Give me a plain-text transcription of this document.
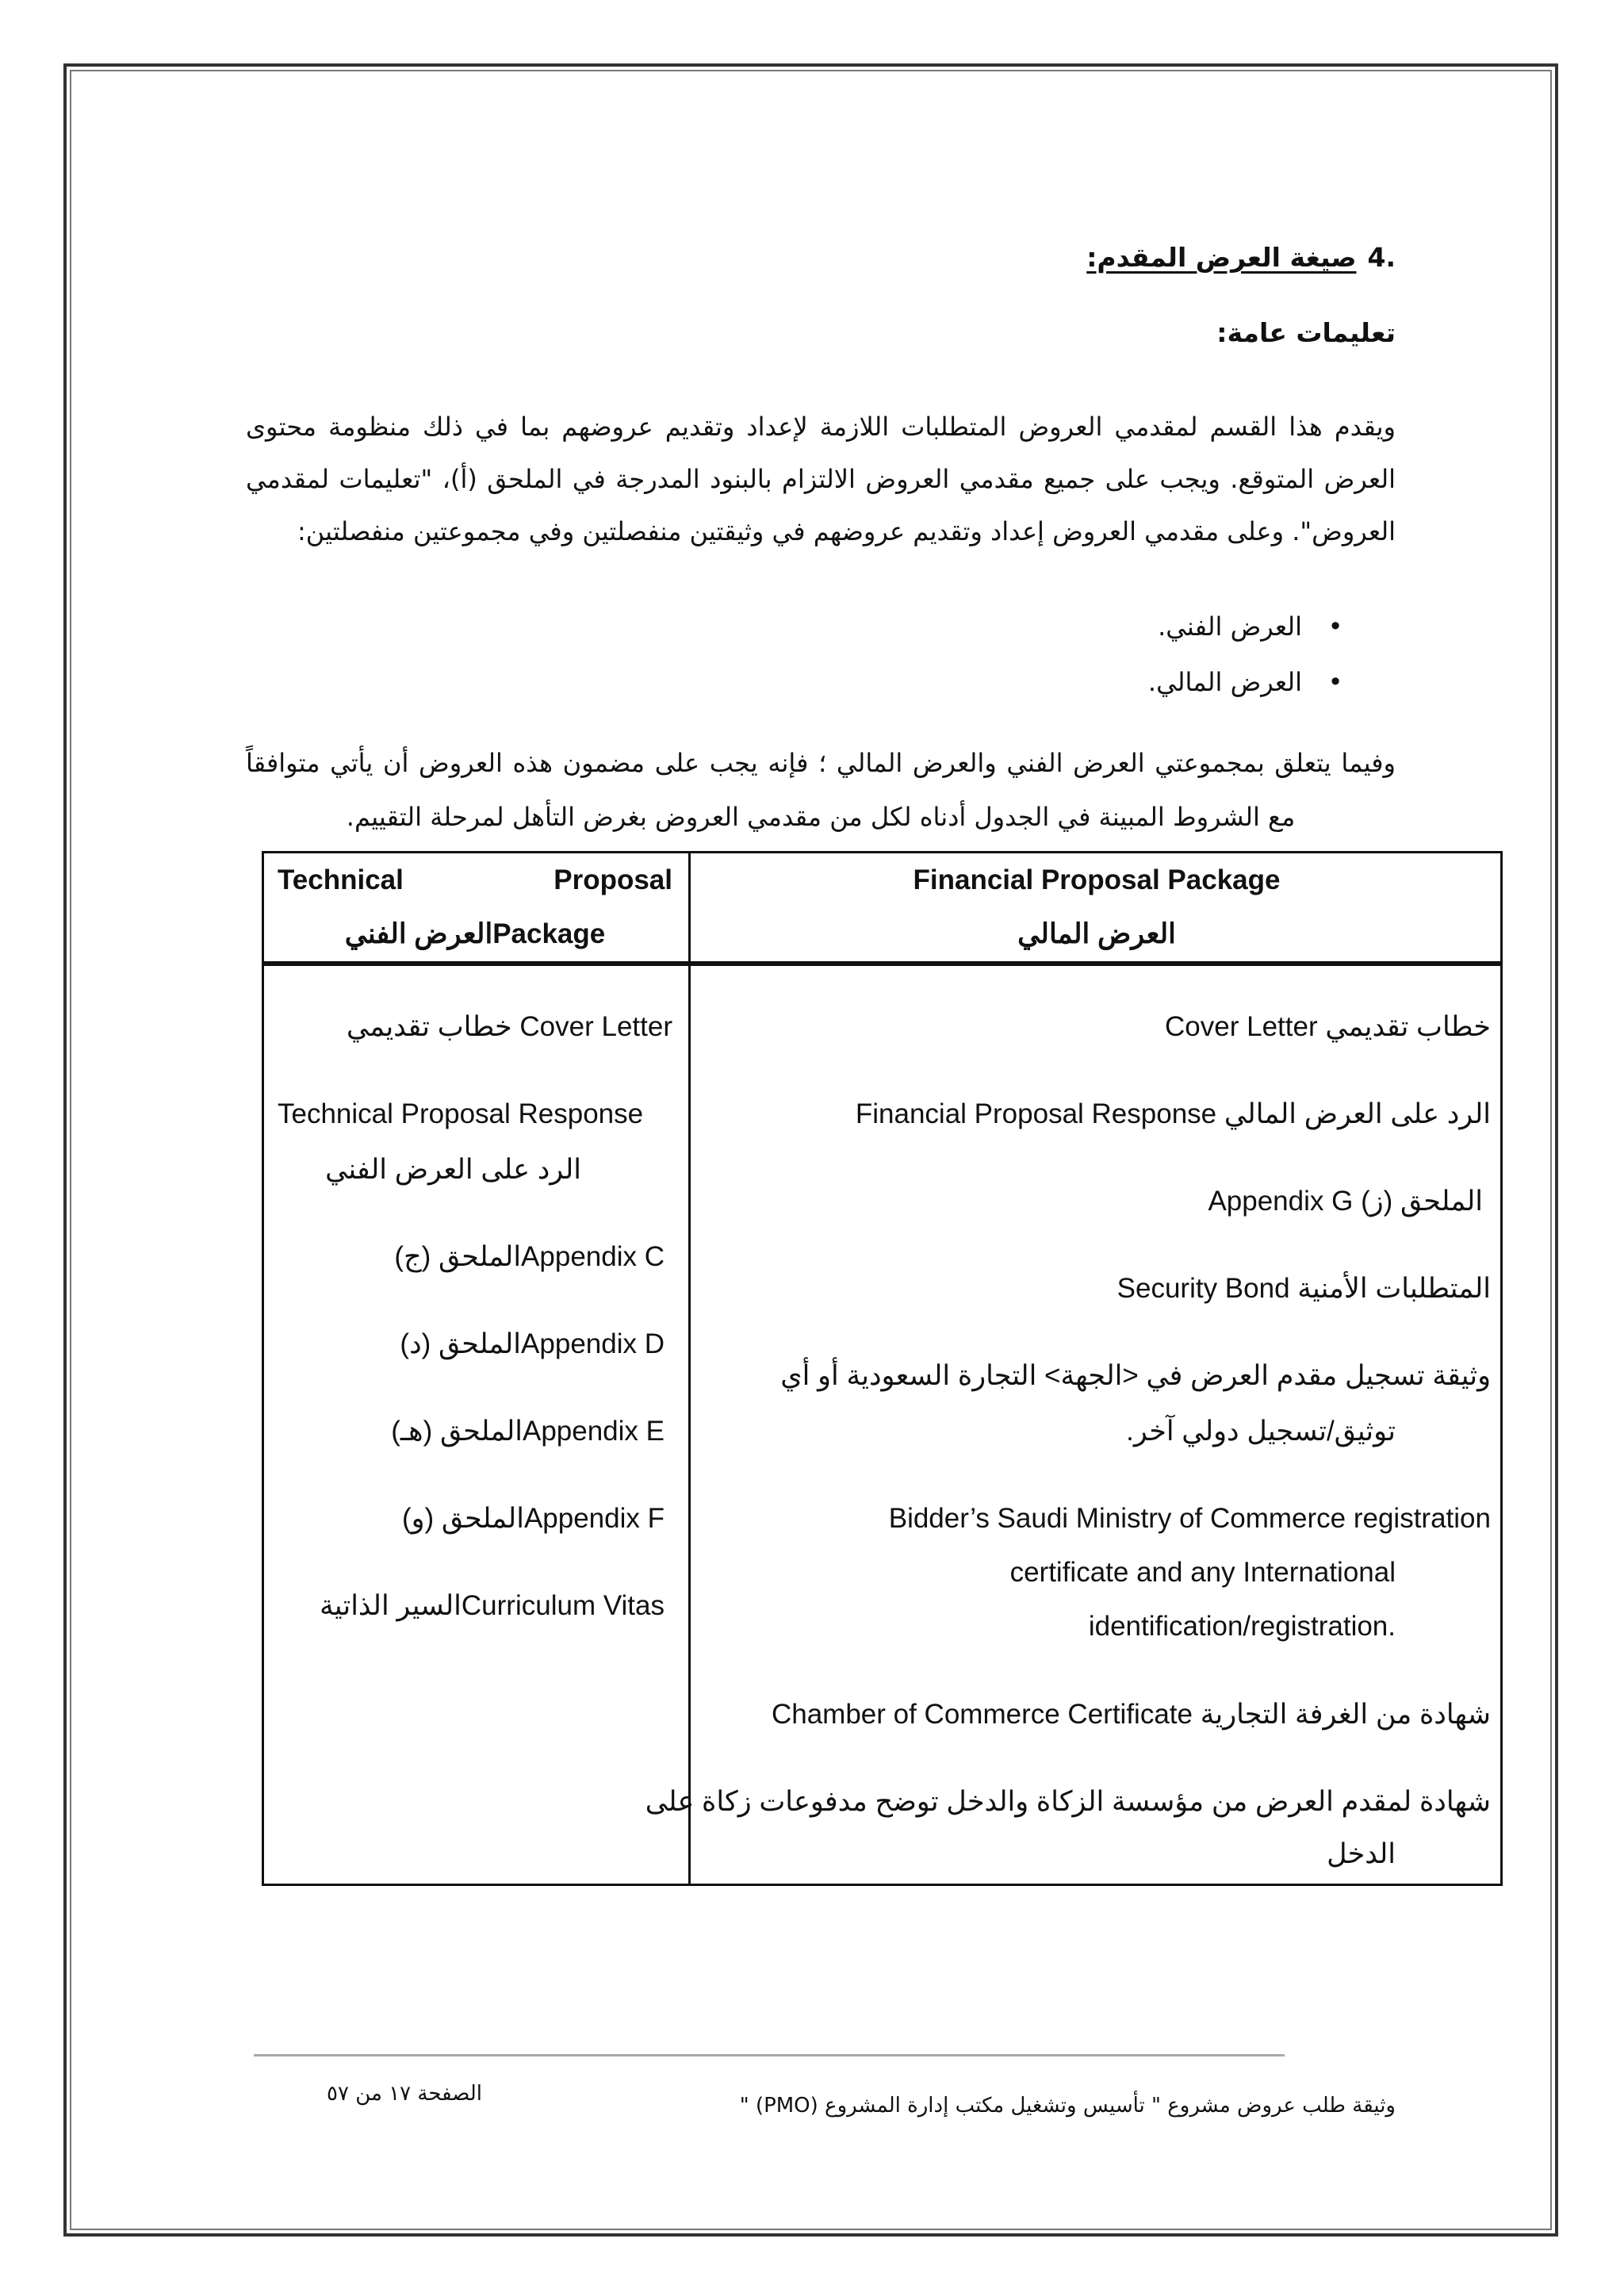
.4صيغة العرض المقدم:
تعليمات عامة:
ويقدم هذا القسم لمقدمي العروض المتطلبات اللازمة لإعداد وتقديم عروضهم بما في ذلك منظومة محتوى العرض المتوقع. ويجب على جميع مقدمي العروض الالتزام بالبنود المدرجة في الملحق (أ)، "تعليمات لمقدمي العروض". وعلى مقدمي العروض إعداد وتقديم عروضهم في وثيقتين منفصلتين وفي مجموعتين منفصلتين:
• العرض الفني.
• العرض المالي.
وفيما يتعلق بمجموعتي العرض الفني والعرض المالي ؛ فإنه يجب على مضمون هذه العروض أن يأتي متوافقاً مع الشروط المبينة في الجدول أدناه لكل من مقدمي العروض بغرض التأهل لمرحلة التقييم.
Technical	Proposal
Packageالعرض الفني
Financial Proposal Package
العرض المالي
Cover Letter خطاب تقديمي
Technical Proposal Response
الرد على العرض الفني
Appendix Cالملحق (ج)
Appendix Dالملحق (د)
Appendix Eالملحق (هـ)
Appendix Fالملحق (و)
Curriculum Vitasالسير الذاتية
خطاب تقديمي Cover Letter
الرد على العرض المالي Financial Proposal Response
الملحق (ز) Appendix G
المتطلبات الأمنية Security Bond
وثيقة تسجيل مقدم العرض في <الجهة> التجارة السعودية أو أي
توثيق/تسجيل دولي آخر.
Bidder’s Saudi Ministry of Commerce registration
certificate and any International
identification/registration.
شهادة من الغرفة التجارية Chamber of Commerce Certificate
شهادة لمقدم العرض من مؤسسة الزكاة والدخل توضح مدفوعات زكاة على
الدخل
وثيقة طلب عروض مشروع " تأسيس وتشغيل مكتب إدارة المشروع (PMO) "
الصفحة ١٧ من ٥٧
